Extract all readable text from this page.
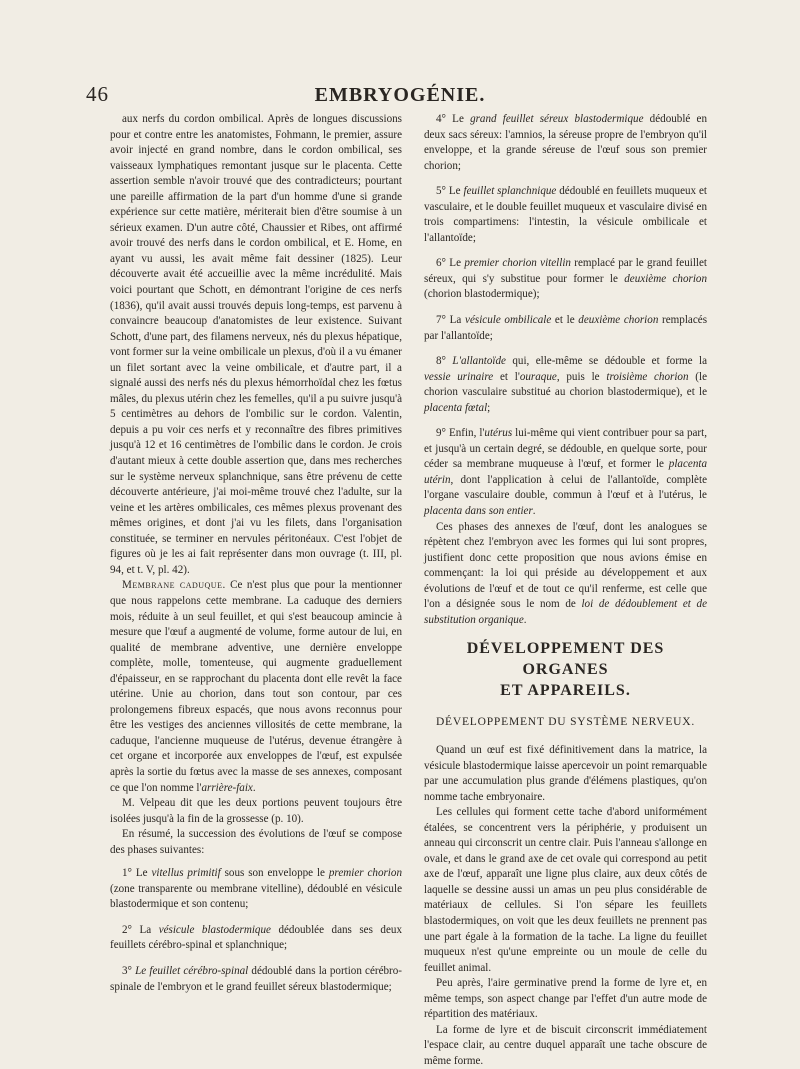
46	EMBRYOGÉNIE.

aux nerfs du cordon ombilical. Après de longues discussions pour et contre entre les anatomistes, Fohmann, le premier, assure avoir injecté en grand nombre, dans le cordon ombilical, ses vaisseaux lymphatiques remontant jusque sur le placenta. Cette assertion semble n'avoir trouvé que des contradicteurs; pourtant une pareille affirmation de la part d'un homme d'une si grande expérience sur cette matière, mériterait bien d'être soumise à un sérieux examen. D'un autre côté, Chaussier et Ribes, ont affirmé avoir trouvé des nerfs dans le cordon ombilical, et E. Home, en ayant vu aussi, les avait même fait dessiner (1825). Leur découverte avait été accueillie avec la même incrédulité. Mais voici pourtant que Schott, en démontrant l'origine de ces nerfs (1836), qu'il avait aussi trouvés depuis long-temps, est parvenu à convaincre beaucoup d'anatomistes de leur existence. Suivant Schott, d'une part, des filamens nerveux, nés du plexus hépatique, vont former sur la veine ombilicale un plexus, d'où il a vu émaner un filet sortant avec la veine ombilicale, et d'autre part, il a signalé aussi des nerfs nés du plexus hémorrhoïdal chez les fœtus mâles, du plexus utérin chez les femelles, qu'il a pu suivre jusqu'à 5 centimètres au dehors de l'ombilic sur le cordon. Valentin, depuis a pu voir ces nerfs et y reconnaître des fibres primitives jusqu'à 12 et 16 centimètres de l'ombilic dans le cordon. Je crois d'autant mieux à cette double assertion que, dans mes recherches sur le système nerveux splanchnique, sans être prévenu de cette découverte antérieure, j'ai moi-même trouvé chez l'adulte, sur la veine et les artères ombilicales, ces mêmes plexus provenant des mêmes origines, et dont j'ai vu les filets, dans l'organisation constituée, se terminer en nervules péritonéaux. C'est l'objet de figures où je les ai fait représenter dans mon ouvrage (t. III, pl. 94, et t. V, pl. 42).

Membrane caduque. Ce n'est plus que pour la mentionner que nous rappelons cette membrane. La caduque des derniers mois, réduite à un seul feuillet, et qui s'est beaucoup amincie à mesure que l'œuf a augmenté de volume, forme autour de lui, en qualité de membrane adventive, une dernière enveloppe complète, molle, tomenteuse, qui augmente graduellement d'épaisseur, en se rapprochant du placenta dont elle revêt la face utérine. Unie au chorion, dans tout son contour, par ces prolongemens fibreux espacés, que nous avons reconnus pour être les vestiges des anciennes villosités de cette membrane, la caduque, l'ancienne muqueuse de l'utérus, devenue étrangère à cet organe et incorporée aux enveloppes de l'œuf, est expulsée après la sortie du fœtus avec la masse de ses annexes, composant ce que l'on nomme l'arrière-faix.

M. Velpeau dit que les deux portions peuvent toujours être isolées jusqu'à la fin de la grossesse (p. 10).

En résumé, la succession des évolutions de l'œuf se compose des phases suivantes:

1° Le vitellus primitif sous son enveloppe le premier chorion (zone transparente ou membrane vitelline), dédoublé en vésicule blastodermique et son contenu;

2° La vésicule blastodermique dédoublée dans ses deux feuillets cérébro-spinal et splanchnique;

3° Le feuillet cérébro-spinal dédoublé dans la portion cérébro-spinale de l'embryon et le grand feuillet séreux blastodermique;

4° Le grand feuillet séreux blastodermique dédoublé en deux sacs séreux: l'amnios, la séreuse propre de l'embryon qu'il enveloppe, et la grande séreuse de l'œuf sous son premier chorion;

5° Le feuillet splanchnique dédoublé en feuillets muqueux et vasculaire, et le double feuillet muqueux et vasculaire divisé en trois compartimens: l'intestin, la vésicule ombilicale et l'allantoïde;

6° Le premier chorion vitellin remplacé par le grand feuillet séreux, qui s'y substitue pour former le deuxième chorion (chorion blastodermique);

7° La vésicule ombilicale et le deuxième chorion remplacés par l'allantoïde;

8° L'allantoïde qui, elle-même se dédouble et forme la vessie urinaire et l'ouraque, puis le troisième chorion (le chorion vasculaire substitué au chorion blastodermique), et le placenta fœtal;

9° Enfin, l'utérus lui-même qui vient contribuer pour sa part, et jusqu'à un certain degré, se dédouble, en quelque sorte, pour céder sa membrane muqueuse à l'œuf, et former le placenta utérin, dont l'application à celui de l'allantoïde, complète l'organe vasculaire double, commun à l'œuf et à l'utérus, le placenta dans son entier.

Ces phases des annexes de l'œuf, dont les analogues se répètent chez l'embryon avec les formes qui lui sont propres, justifient donc cette proposition que nous avions émise en commençant: la loi qui préside au développement et aux évolutions de l'œuf et de tout ce qu'il renferme, est celle que l'on a désignée sous le nom de loi de dédoublement et de substitution organique.

DÉVELOPPEMENT DES ORGANES
ET APPAREILS.
DÉVELOPPEMENT DU SYSTÈME NERVEUX.

Quand un œuf est fixé définitivement dans la matrice, la vésicule blastodermique laisse apercevoir un point remarquable par une accumulation plus grande d'élémens plastiques, qu'on nomme tache embryonaire.

Les cellules qui forment cette tache d'abord uniformément étalées, se concentrent vers la périphérie, y produisent un anneau qui circonscrit un centre clair. Puis l'anneau s'allonge en ovale, et dans le grand axe de cet ovale qui correspond au petit axe de l'œuf, apparaît une ligne plus claire, aux deux côtés de laquelle se dessine aussi un amas un peu plus considérable de matériaux de cellules. Si l'on sépare les feuillets blastodermiques, on voit que les deux feuillets ne prennent pas une part égale à la formation de la tache. La ligne du feuillet muqueux n'est qu'une empreinte ou un moule de celle du feuillet animal.

Peu après, l'aire germinative prend la forme de lyre et, en même temps, son aspect change par l'effet d'un autre mode de répartition des matériaux.

La forme de lyre et de biscuit circonscrit immédiatement l'espace clair, au centre duquel apparaît une tache obscure de même forme.
